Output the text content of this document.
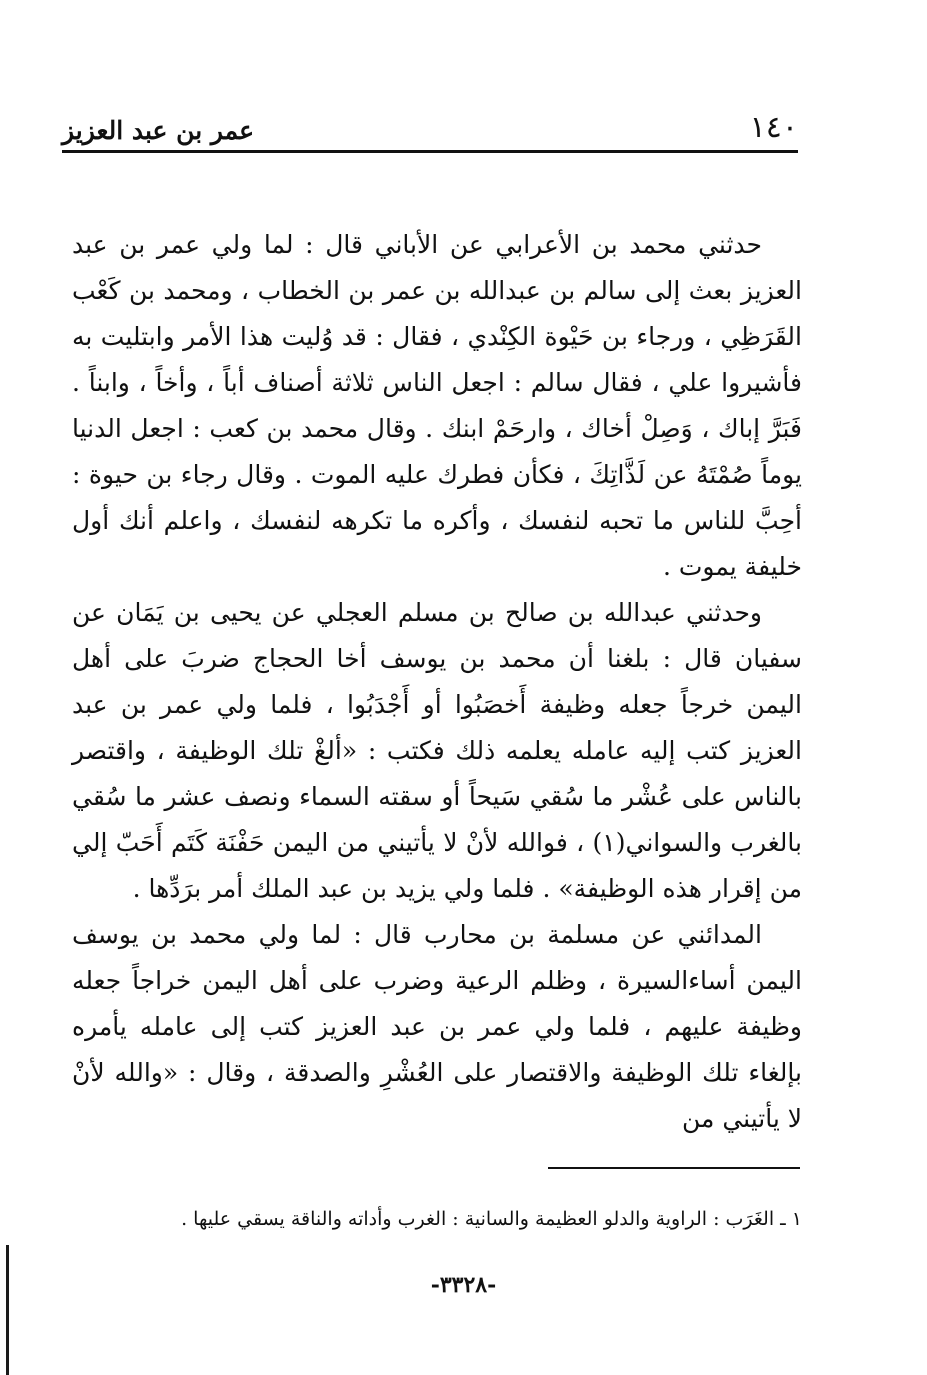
١٤٠
عمر بن عبد العزيز

حدثني محمد بن الأعرابي عن الأباني قال : لما ولي عمر بن عبد العزيز بعث إلى سالم بن عبدالله بن عمر بن الخطاب ، ومحمد بن كَعْب القَرَظِي ، ورجاء بن حَيْوة الكِنْدي ، فقال : قد وُليت هذا الأمر وابتليت به فأشيروا علي ، فقال سالم : اجعل الناس ثلاثة أصناف أباً ، وأخاً ، وابناً . فَبَرَّ إباك ، وَصِلْ أخاك ، وارحَمْ ابنك . وقال محمد بن كعب : اجعل الدنيا يوماً صُمْتَهُ عن لَذَّاتِكَ ، فكأن فطرك عليه الموت . وقال رجاء بن حيوة : أحِبَّ للناس ما تحبه لنفسك ، وأكره ما تكرهه لنفسك ، واعلم أنك أول خليفة يموت .

وحدثني عبدالله بن صالح بن مسلم العجلي عن يحيى بن يَمَان عن سفيان قال : بلغنا أن محمد بن يوسف أخا الحجاج ضربَ على أهل اليمن خرجاً جعله وظيفة أَخصَبُوا أو أَجْدَبُوا ، فلما ولي عمر بن عبد العزيز كتب إليه عامله يعلمه ذلك فكتب : «ألغْ تلك الوظيفة ، واقتصر بالناس على عُشْر ما سُقي سَيحاً أو سقته السماء ونصف عشر ما سُقي بالغرب والسواني(١) ، فوالله لأنْ لا يأتيني من اليمن حَفْنَة كَتَم أَحَبّ إلي من إقرار هذه الوظيفة» . فلما ولي يزيد بن عبد الملك أمر برَدِّها .

المدائني عن مسلمة بن محارب قال : لما ولي محمد بن يوسف اليمن أساءالسيرة ، وظلم الرعية وضرب على أهل اليمن خراجاً جعله وظيفة عليهم ، فلما ولي عمر بن عبد العزيز كتب إلى عامله يأمره بإلغاء تلك الوظيفة والاقتصار على العُشْرِ والصدقة ، وقال : «والله لأنْ لا يأتيني من

١ ـ الغَرَب : الراوية والدلو العظيمة والسانية : الغرب وأداته والناقة يسقي عليها .
-٣٣٢٨-
